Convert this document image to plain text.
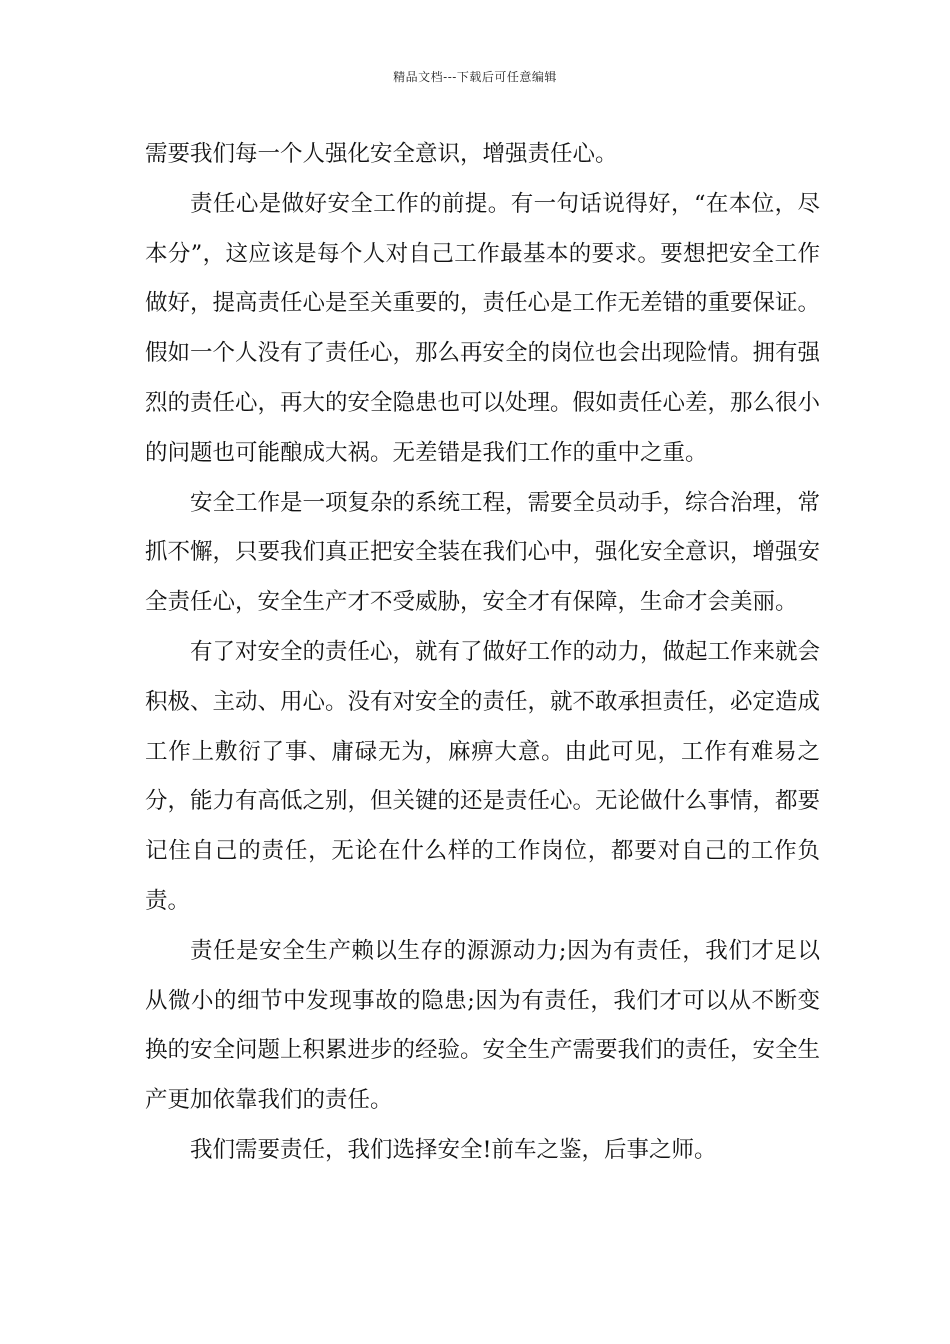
精品文档---下载后可任意编辑

需要我们每一个人强化安全意识，增强责任心。

责任心是做好安全工作的前提。有一句话说得好，“在本位，尽本分”，这应该是每个人对自己工作最基本的要求。要想把安全工作做好，提高责任心是至关重要的，责任心是工作无差错的重要保证。假如一个人没有了责任心，那么再安全的岗位也会出现险情。拥有强烈的责任心，再大的安全隐患也可以处理。假如责任心差，那么很小的问题也可能酿成大祸。无差错是我们工作的重中之重。

安全工作是一项复杂的系统工程，需要全员动手，综合治理，常抓不懈，只要我们真正把安全装在我们心中，强化安全意识，增强安全责任心，安全生产才不受威胁，安全才有保障，生命才会美丽。

有了对安全的责任心，就有了做好工作的动力，做起工作来就会积极、主动、用心。没有对安全的责任，就不敢承担责任，必定造成工作上敷衍了事、庸碌无为，麻痹大意。由此可见，工作有难易之分，能力有高低之别，但关键的还是责任心。无论做什么事情，都要记住自己的责任，无论在什么样的工作岗位，都要对自己的工作负责。

责任是安全生产赖以生存的源源动力;因为有责任，我们才足以从微小的细节中发现事故的隐患;因为有责任，我们才可以从不断变换的安全问题上积累进步的经验。安全生产需要我们的责任，安全生产更加依靠我们的责任。

我们需要责任，我们选择安全!前车之鉴，后事之师。
